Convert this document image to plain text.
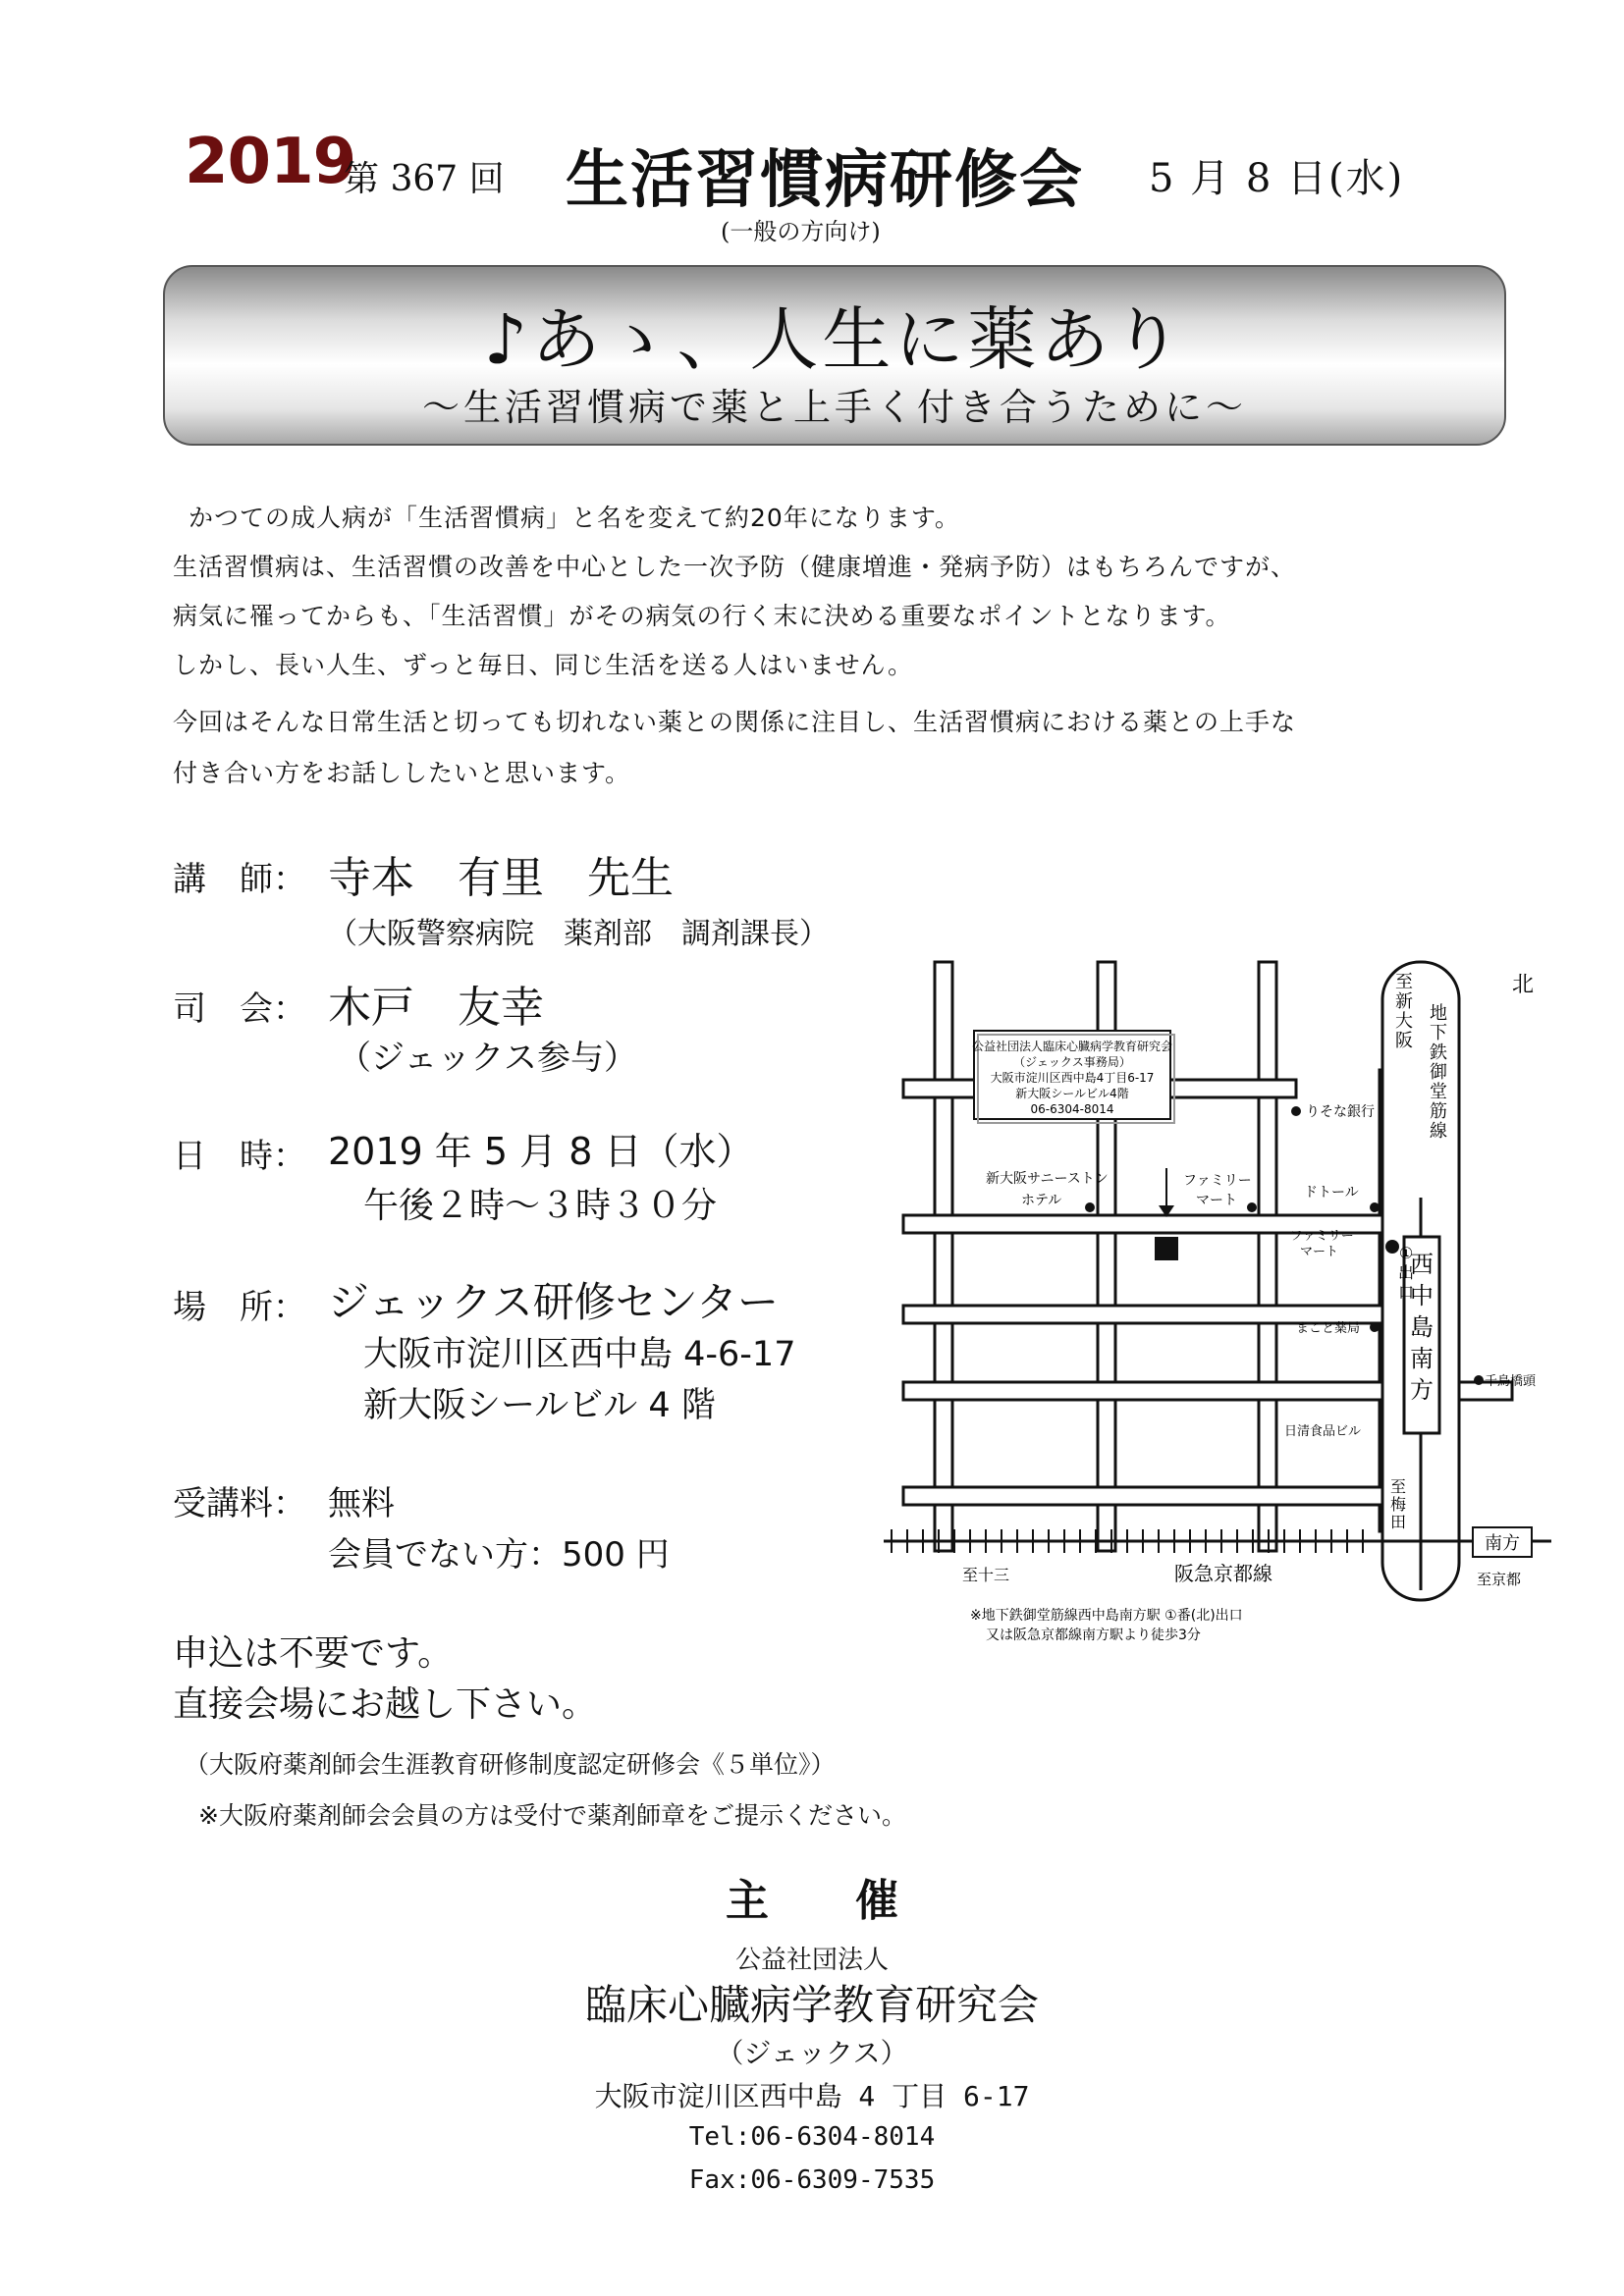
2019
第 367 回 生活習慣病研修会 5 月 8 日(水)
(一般の方向け)
♪あゝ、人生に薬あり
～生活習慣病で薬と上手く付き合うために～
かつての成人病が「生活習慣病」と名を変えて約20年になります。
生活習慣病は、生活習慣の改善を中心とした一次予防（健康増進・発病予防）はもちろんですが、
病気に罹ってからも、「生活習慣」がその病気の行く末に決める重要なポイントとなります。
しかし、長い人生、ずっと毎日、同じ生活を送る人はいません。
今回はそんな日常生活と切っても切れない薬との関係に注目し、生活習慣病における薬との上手な
付き合い方をお話ししたいと思います。
講　師： 寺本　有里　先生
（大阪警察病院　薬剤部　調剤課長）
司　会： 木戸　友幸
（ジェックス参与）
日　時： 2019 年 5 月 8 日（水）
午後２時～３時３０分
場　所： ジェックス研修センター
大阪市淀川区西中島 4-6-17
新大阪シールビル 4 階
受講料： 無料
会員でない方：500 円
申込は不要です。
直接会場にお越し下さい。
南方
公益社団法人臨床心臓病学教育研究会
（ジェックス事務局）
大阪市淀川区西中島4丁目6-17
新大阪シールビル4階
06-6304-8014	りそな銀行
新大阪サニーストン
ホテル
ファミリー
マート	ドトール
ファミリー
マート
まこと薬局
千鳥橋頭
日清食品ビル
至
新
大
阪
地
下
鉄
御
堂
筋
線
①
出
口
西
中
島
南
方
至
梅
田
北
至十三	阪急京都線	至京都
※地下鉄御堂筋線西中島南方駅 ①番(北)出口
又は阪急京都線南方駅より徒歩3分
（大阪府薬剤師会生涯教育研修制度認定研修会《５単位》）
※大阪府薬剤師会会員の方は受付で薬剤師章をご提示ください。
主　　催
公益社団法人
臨床心臓病学教育研究会
（ジェックス）
大阪市淀川区西中島 4 丁目 6-17
Tel:06-6304-8014
Fax:06-6309-7535
